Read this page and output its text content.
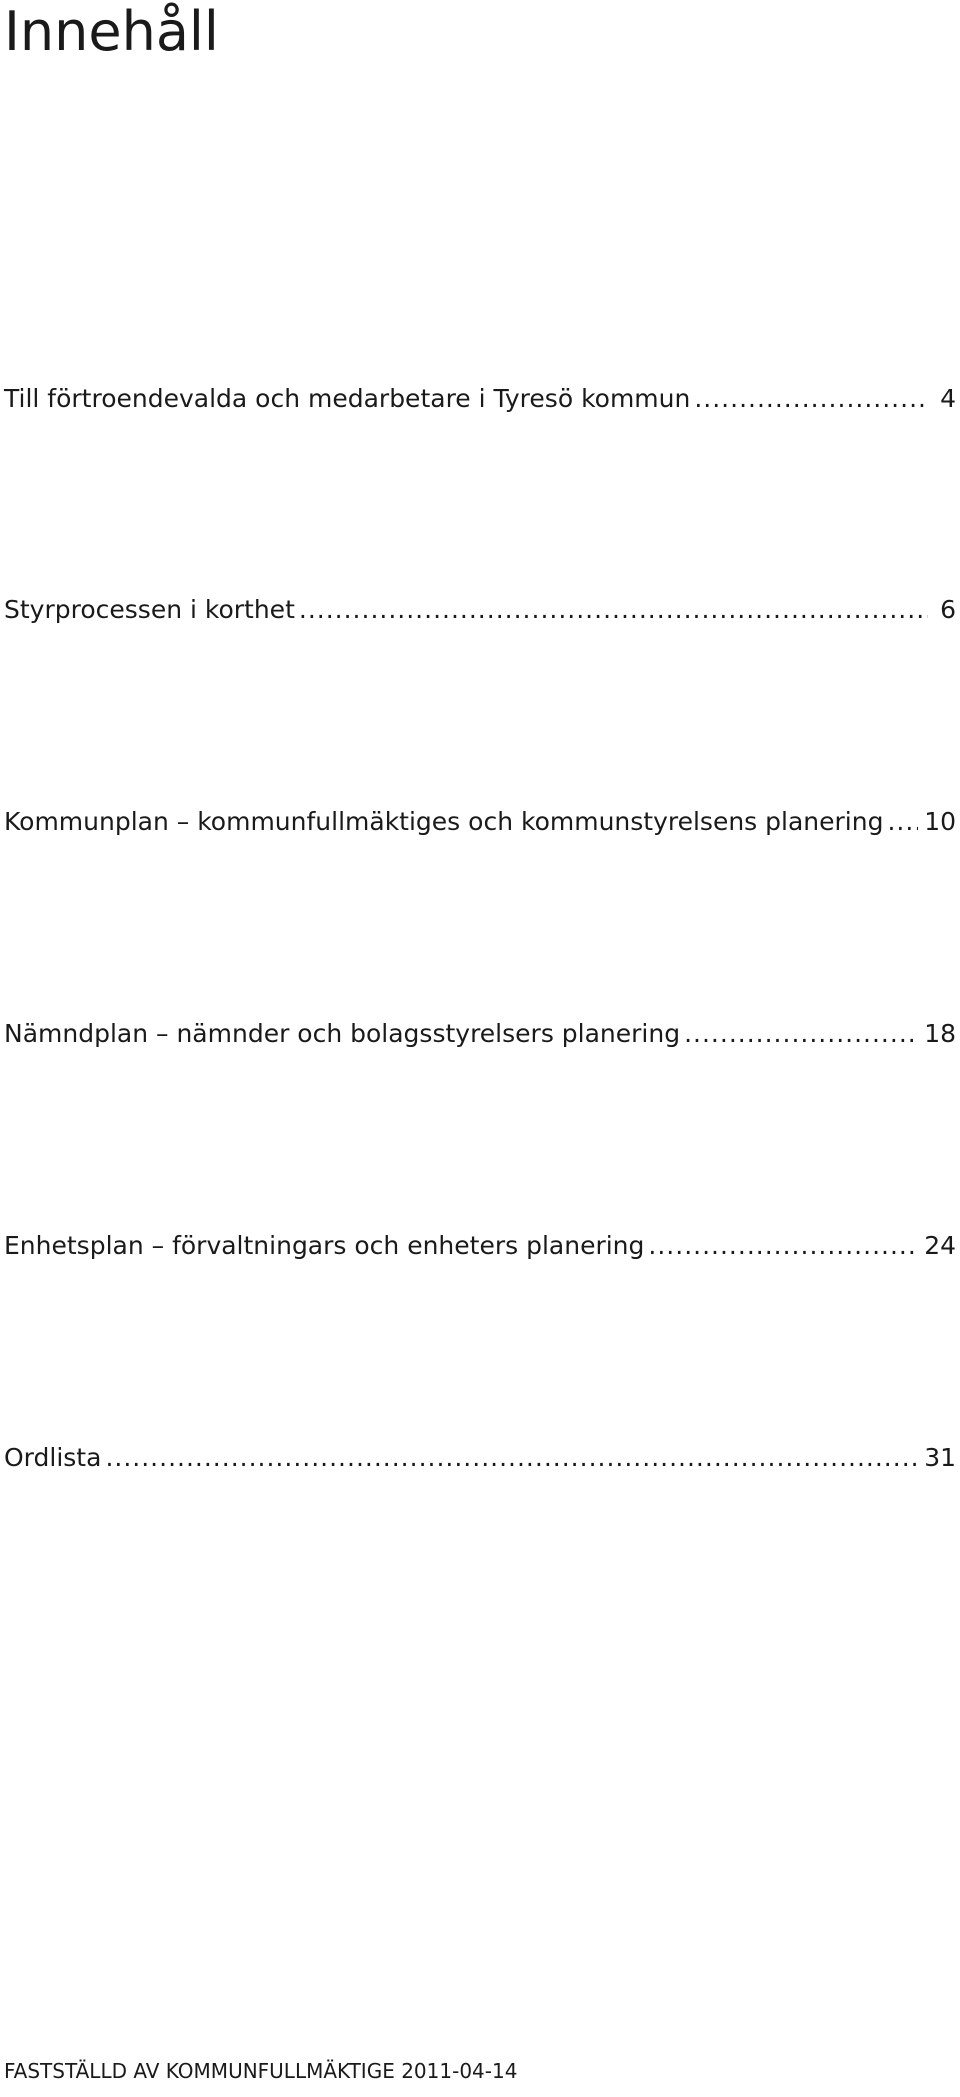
Innehåll
Till förtroendevalda och medarbetare i Tyresö kommun .....	4
Styrprocessen i korthet .....	6
Kommunplan – kommunfullmäktiges och kommunstyrelsens planering ..... 10
Nämndplan – nämnder och bolagsstyrelsers planering .....	18
Enhetsplan – förvaltningars och enheters planering .....	24
Ordlista .....	31

FASTSTÄLLD AV KOMMUNFULLMÄKTIGE 2011-04-14
